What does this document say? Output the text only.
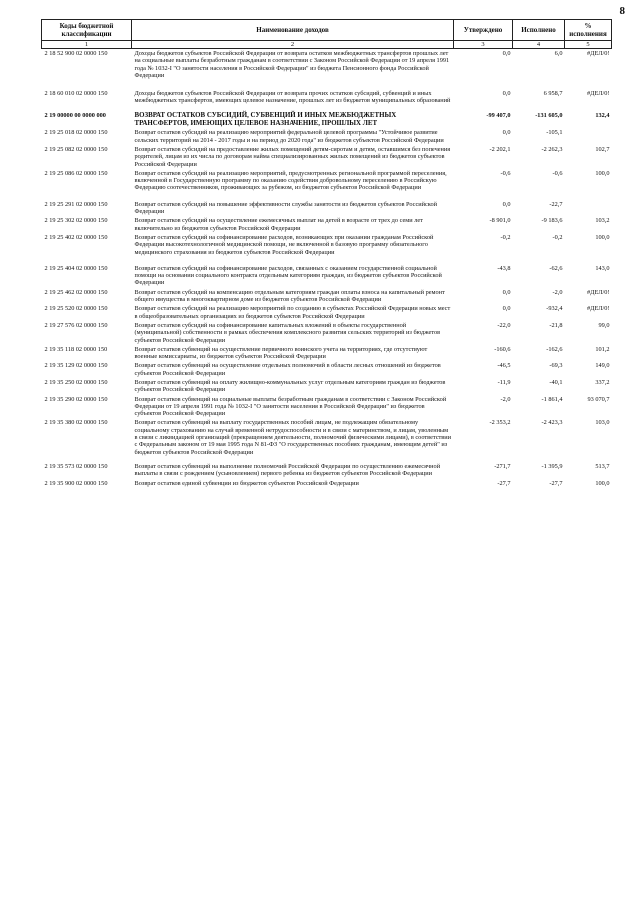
8
Коды бюджетной классификации	Наименование доходов	Утверждено	Исполнено	% исполнения
1	2	3	4	5
2 18 52 900 02 0000 150	Доходы бюджетов субъектов Российской Федерации от возврата остатков межбюджетных трансфертов прошлых лет на социальные выплаты безработным гражданам в соответствии с Законом Российской Федерации от 19 апреля 1991 года № 1032-I "О занятости населения в Российской Федерации" из бюджета Пенсионного фонда Российской Федерации	0,0	6,0	#ДЕЛ/0!
2 18 60 010 02 0000 150	Доходы бюджетов субъектов Российской Федерации от возврата прочих остатков субсидий, субвенций и иных межбюджетных трансфертов, имеющих целевое назначение, прошлых лет из бюджетов муниципальных образований	0,0	6 958,7	#ДЕЛ/0!
2 19 00000 00 0000 000	ВОЗВРАТ ОСТАТКОВ СУБСИДИЙ, СУБВЕНЦИЙ И ИНЫХ МЕЖБЮДЖЕТНЫХ ТРАНСФЕРТОВ, ИМЕЮЩИХ ЦЕЛЕВОЕ НАЗНАЧЕНИЕ, ПРОШЛЫХ ЛЕТ	-99 407,0	-131 605,0	132,4
2 19 25 018 02 0000 150	Возврат остатков субсидий на реализацию мероприятий федеральной целевой программы "Устойчивое развитие сельских территорий на 2014 - 2017 годы и на период до 2020 года" из бюджетов субъектов Российской Федерации	0,0	-105,1	
2 19 25 082 02 0000 150	Возврат остатков субсидий на предоставление жилых помещений детям-сиротам и детям, оставшимся без попечения родителей, лицам из их числа по договорам найма специализированных жилых помещений из бюджетов субъектов Российской Федерации	-2 202,1	-2 262,3	102,7
2 19 25 086 02 0000 150	Возврат остатков субсидий на реализацию мероприятий, предусмотренных региональной программой переселения, включенной в Государственную программу по оказанию содействия добровольному переселению в Российскую Федерацию соотечественников, проживающих за рубежом, из бюджетов субъектов Российской Федерации	-0,6	-0,6	100,0
2 19 25 291 02 0000 150	Возврат остатков субсидий на повышение эффективности службы занятости из бюджетов субъектов Российской Федерации	0,0	-22,7	
2 19 25 302 02 0000 150	Возврат остатков субсидий на осуществление ежемесячных выплат на детей в возрасте от трех до семи лет включительно из бюджетов субъектов Российской Федерации	-8 901,0	-9 183,6	103,2
2 19 25 402 02 0000 150	Возврат остатков субсидий на софинансирование расходов, возникающих при оказании гражданам Российской Федерации высокотехнологичной медицинской помощи, не включенной в базовую программу обязательного медицинского страхования из бюджетов субъектов Российской Федерации	-0,2	-0,2	100,0
2 19 25 404 02 0000 150	Возврат остатков субсидий на софинансирование расходов, связанных с оказанием государственной социальной помощи на основании социального контракта отдельным категориям граждан, из бюджетов субъектов Российской Федерации	-43,8	-62,6	143,0
2 19 25 462 02 0000 150	Возврат остатков субсидий на компенсацию отдельным категориям граждан оплаты взноса на капитальный ремонт общего имущества в многоквартирном доме из бюджетов субъектов Российской Федерации	0,0	-2,0	#ДЕЛ/0!
2 19 25 520 02 0000 150	Возврат остатков субсидий на реализацию мероприятий по созданию в субъектах Российской Федерации новых мест в общеобразовательных организациях из бюджетов субъектов Российской Федерации	0,0	-932,4	#ДЕЛ/0!
2 19 27 576 02 0000 150	Возврат остатков субсидий на софинансирование капитальных вложений в объекты государственной (муниципальной) собственности в рамках обеспечения комплексного развития сельских территорий из бюджетов субъектов Российской Федерации	-22,0	-21,8	99,0
2 19 35 118 02 0000 150	Возврат остатков субвенций на осуществление первичного воинского учета на территориях, где отсутствуют военные комиссариаты, из бюджетов субъектов Российской Федерации	-160,6	-162,6	101,2
2 19 35 129 02 0000 150	Возврат остатков субвенций на осуществление отдельных полномочий в области лесных отношений из бюджетов субъектов Российской Федерации	-46,5	-69,3	149,0
2 19 35 250 02 0000 150	Возврат остатков субвенций на оплату жилищно-коммунальных услуг отдельным категориям граждан из бюджетов субъектов Российской Федерации	-11,9	-40,1	337,2
2 19 35 290 02 0000 150	Возврат остатков субвенций на социальные выплаты безработным гражданам в соответствии с Законом Российской Федерации от 19 апреля 1991 года № 1032-I "О занятости населения в Российской Федерации" из бюджетов субъектов Российской Федерации	-2,0	-1 861,4	93 070,7
2 19 35 380 02 0000 150	Возврат остатков субвенций на выплату государственных пособий лицам, не подлежащим обязательному социальному страхованию на случай временной нетрудоспособности и в связи с материнством, и лицам, уволенным в связи с ликвидацией организаций (прекращением деятельности, полномочий физическими лицами), в соответствии с Федеральным законом от 19 мая 1995 года N 81-ФЗ "О государственных пособиях гражданам, имеющим детей" из бюджетов субъектов Российской Федерации	-2 353,2	-2 423,3	103,0
2 19 35 573 02 0000 150	Возврат остатков субвенций на выполнение полномочий Российской Федерации по осуществлению ежемесячной выплаты в связи с рождением (усыновлением) первого ребенка из бюджетов субъектов Российской Федерации	-271,7	-1 395,9	513,7
2 19 35 900 02 0000 150	Возврат остатков единой субвенции из бюджетов субъектов Российской Федерации	-27,7	-27,7	100,0
